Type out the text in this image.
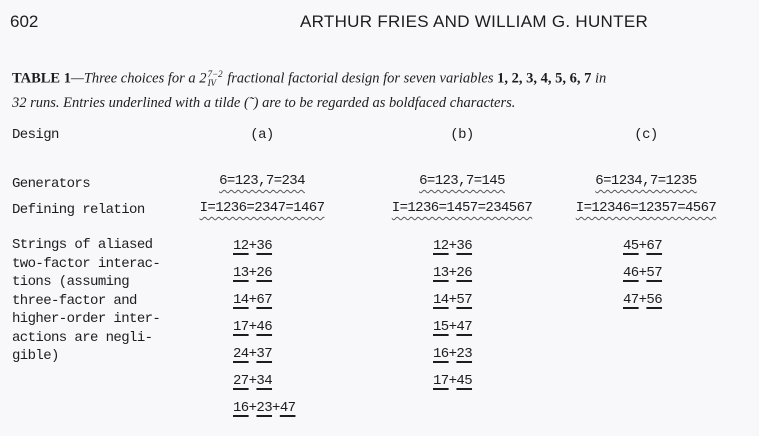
602	ARTHUR FRIES AND WILLIAM G. HUNTER
TABLE 1—Three choices for a 2 7−2
IV fractional factorial design for seven variables 1, 2, 3, 4, 5, 6, 7 in
32 runs. Entries underlined with a tilde (˜) are to be regarded as boldfaced characters.
Design
Generators
Defining relation
Strings of aliased
two-factor interac-
tions (assuming
three-factor and
higher-order inter-
actions are negli-
gible)
(a)
6=123,7=234
I=1236=2347=1467
12+36
13+26
14+67
17+46
24+37
27+34
16+23+47
(b)
6=123,7=145
I=1236=1457=234567
12+36
13+26
14+57
15+47
16+23
17+45
(c)
6=1234,7=1235
I=12346=12357=4567
45+67
46+57
47+56
